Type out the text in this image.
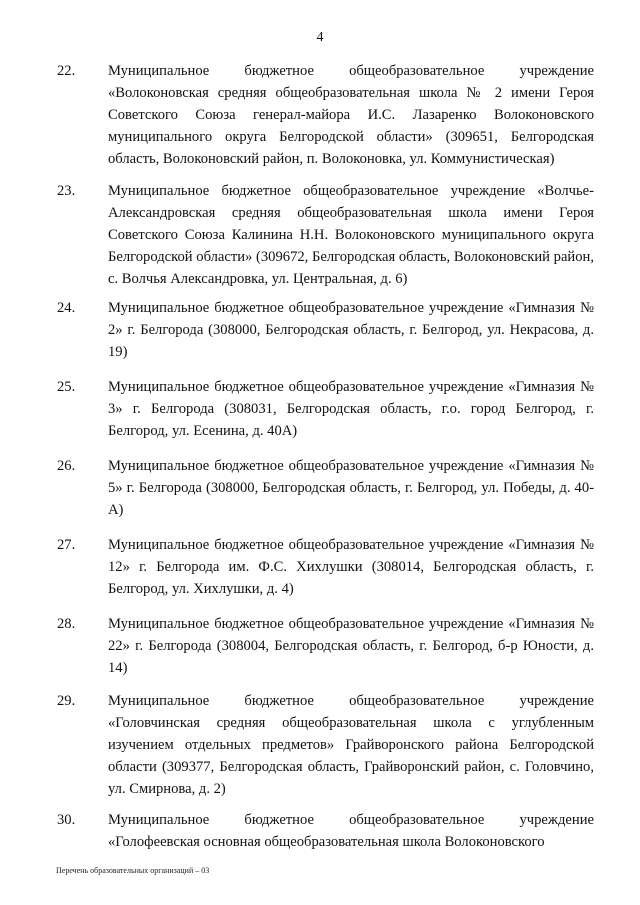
4
22. Муниципальное бюджетное общеобразовательное учреждение «Волоконовская средняя общеобразовательная школа № 2 имени Героя Советского Союза генерал-майора И.С. Лазаренко Волоконовского муниципального округа Белгородской области» (309651, Белгородская область, Волоконовский район, п. Волоконовка, ул. Коммунистическая)
23. Муниципальное бюджетное общеобразовательное учреждение «Волчье-Александровская средняя общеобразовательная школа имени Героя Советского Союза Калинина Н.Н. Волоконовского муниципального округа Белгородской области» (309672, Белгородская область, Волоконовский район, с. Волчья Александровка, ул. Центральная, д. 6)
24. Муниципальное бюджетное общеобразовательное учреждение «Гимназия № 2» г. Белгорода (308000, Белгородская область, г. Белгород, ул. Некрасова, д. 19)
25. Муниципальное бюджетное общеобразовательное учреждение «Гимназия № 3» г. Белгорода (308031, Белгородская область, г.о. город Белгород, г. Белгород, ул. Есенина, д. 40А)
26. Муниципальное бюджетное общеобразовательное учреждение «Гимназия № 5» г. Белгорода (308000, Белгородская область, г. Белгород, ул. Победы, д. 40-А)
27. Муниципальное бюджетное общеобразовательное учреждение «Гимназия № 12» г. Белгорода им. Ф.С. Хихлушки (308014, Белгородская область, г. Белгород, ул. Хихлушки, д. 4)
28. Муниципальное бюджетное общеобразовательное учреждение «Гимназия № 22» г. Белгорода (308004, Белгородская область, г. Белгород, б-р Юности, д. 14)
29. Муниципальное бюджетное общеобразовательное учреждение «Головчинская средняя общеобразовательная школа с углубленным изучением отдельных предметов» Грайворонского района Белгородской области (309377, Белгородская область, Грайворонский район, с. Головчино, ул. Смирнова, д. 2)
30. Муниципальное бюджетное общеобразовательное учреждение «Голофеевская основная общеобразовательная школа Волоконовского
Перечень образовательных организаций – 03
